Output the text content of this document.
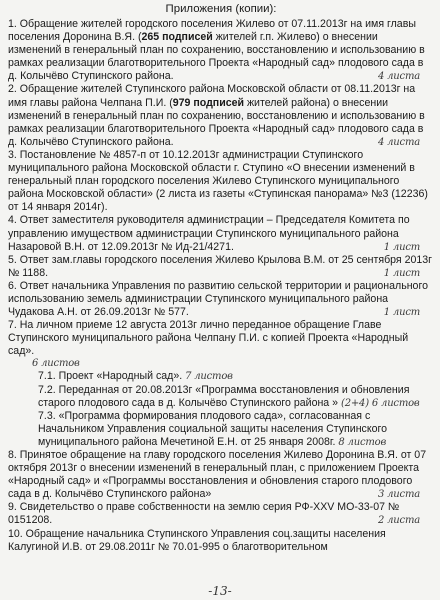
Приложения (копии):
1. Обращение жителей городского поселения Жилево от 07.11.2013г на имя главы поселения Доронина В.Я. (265 подписей жителей г.п. Жилево) о внесении изменений в генеральный план по сохранению, восстановлению и использованию в рамках реализации благотворительного Проекта «Народный сад» плодового сада в д. Колычёво Ступинского района.	4 листа
2. Обращение жителей Ступинского района Московской области от 08.11.2013г на имя главы района Челпана П.И. (979 подписей жителей района) о внесении изменений в генеральный план по сохранению, восстановлению и использованию в рамках реализации благотворительного Проекта «Народный сад» плодового сада в д. Колычёво Ступинского района.	4 листа
3. Постановление № 4857-п от 10.12.2013г администрации Ступинского муниципального района Московской области г. Ступино «О внесении изменений в генеральный план городского поселения Жилево Ступинского муниципального района Московской области» (2 листа из газеты «Ступинская панорама» №3 (12236) от 14 января 2014г).
4. Ответ заместителя руководителя администрации – Председателя Комитета по управлению имуществом администрации Ступинского муниципального района Назаровой В.Н. от 12.09.2013г № Ид-21/4271.	1 лист
5. Ответ зам.главы городского поселения Жилево Крылова В.М. от 25 сентября 2013г № 1188.	1 лист
6. Ответ начальника Управления по развитию сельской территории и рационального использованию земель администрации Ступинского муниципального района Чудакова А.Н. от 26.09.2013г № 577.	1 лист
7. На личном приеме 12 августа 2013г лично переданное обращение Главе Ступинского муниципального района Челпану П.И. с копией Проекта «Народный сад».
6 листов
7.1. Проект «Народный сад». 7 листов
7.2. Переданная от 20.08.2013г «Программа восстановления и обновления старого плодового сада в д. Колычёво Ступинского района » (2+4) 6 листов
7.3. «Программа формирования плодового сада», согласованная с Начальником Управления социальной защиты населения Ступинского муниципального района Мечетиной Е.Н. от 25 января 2008г. 8 листов
8. Принятое обращение на главу городского поселения Жилево Доронина В.Я. от 07 октября 2013г о внесении изменений в генеральный план, с приложением Проекта «Народный сад» и «Программы восстановления и обновления старого плодового сада в д. Колычёво Ступинского района»	3 листа
9. Свидетельство о праве собственности на землю серия РФ-XXV МО-33-07 № 0151208.	2 листа
10. Обращение начальника Ступинского Управления соц.защиты населения Калугиной И.В. от 29.08.2011г № 70.01-995 о благотворительном
-13-
